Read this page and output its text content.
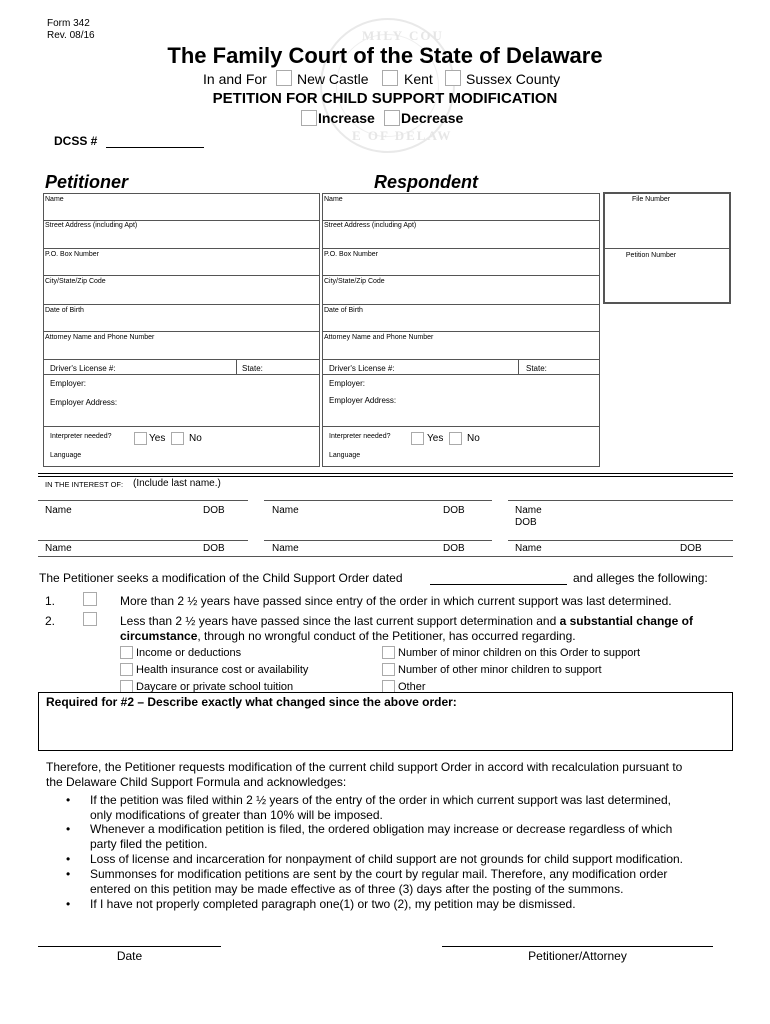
MILY COU
E OF DELAW
Form 342
Rev. 08/16
The Family Court of the State of Delaware
In and For New Castle	Kent Sussex County
PETITION FOR CHILD SUPPORT MODIFICATION
Increase Decrease
DCSS #
Petitioner	Respondent
Name
Street Address (including Apt)
P.O. Box Number
City/State/Zip Code
Date of Birth
Attorney Name and Phone Number
Driver's License #:	State:
Employer:
Employer Address:
Interpreter needed?	Yes No
Language
Name
Street Address (including Apt)
P.O. Box Number
City/State/Zip Code
Date of Birth
Attorney Name and Phone Number
Driver's License #:	State:
Employer:
Employer Address:
Interpreter needed?	Yes No
Language
File Number
Petition Number
IN THE INTEREST OF: (Include last name.)
Name	DOB	Name	DOB	Name
DOB
Name	DOB	Name	DOB	Name	DOB
The Petitioner seeks a modification of the Child Support Order dated	and alleges the following:
1.	More than 2 ½ years have passed since entry of the order in which current support was last determined.
2.	Less than 2 ½ years have passed since the last current support determination and a substantial change of
circumstance, through no wrongful conduct of the Petitioner, has occurred regarding.
Income or deductions
Health insurance cost or availability
Daycare or private school tuition
Number of minor children on this Order to support
Number of other minor children to support
Other
Required for #2 – Describe exactly what changed since the above order:
Therefore, the Petitioner requests modification of the current child support Order in accord with recalculation pursuant to
the Delaware Child Support Formula and acknowledges:
• If the petition was filed within 2 ½ years of the entry of the order in which current support was last determined,
only modifications of greater than 10% will be imposed.
• Whenever a modification petition is filed, the ordered obligation may increase or decrease regardless of which
party filed the petition.
• Loss of license and incarceration for nonpayment of child support are not grounds for child support modification.
• Summonses for modification petitions are sent by the court by regular mail. Therefore, any modification order
entered on this petition may be made effective as of three (3) days after the posting of the summons.
• If I have not properly completed paragraph one(1) or two (2), my petition may be dismissed.
Date	Petitioner/Attorney
